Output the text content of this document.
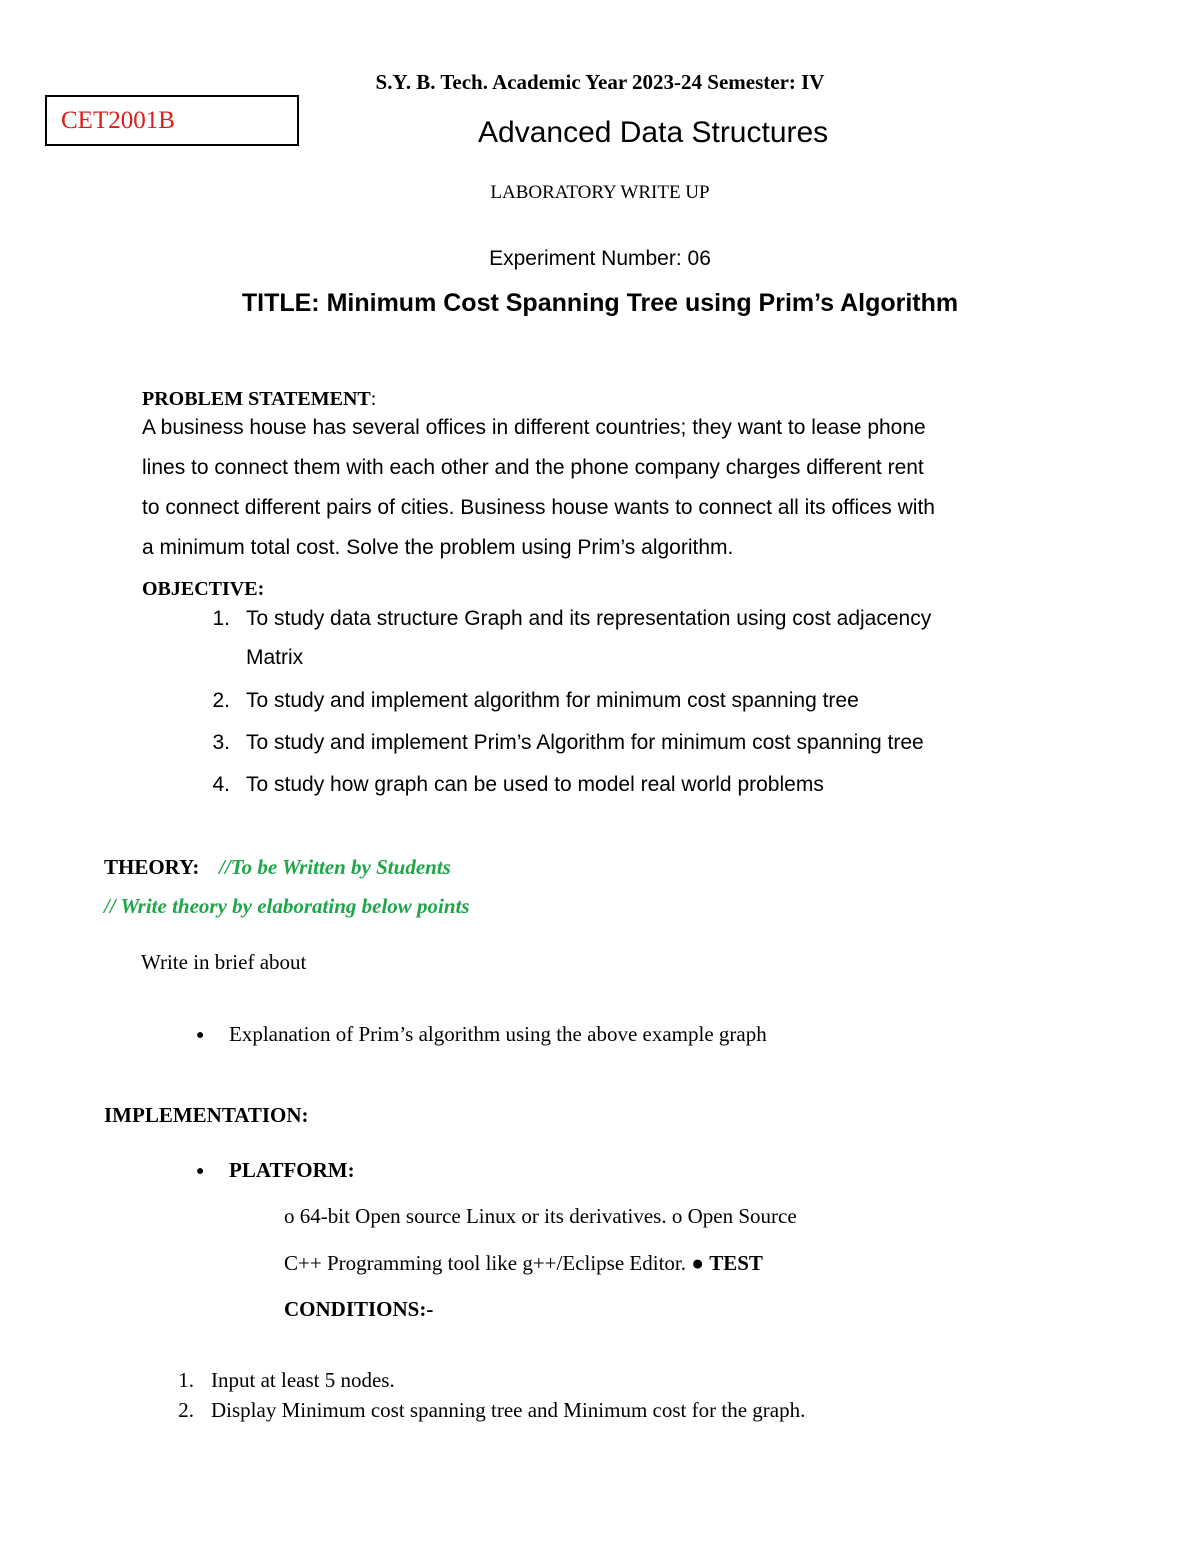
CET2001B
S.Y. B. Tech. Academic Year 2023-24 Semester: IV
Advanced Data Structures
LABORATORY WRITE UP
Experiment Number: 06
TITLE: Minimum Cost Spanning Tree using Prim’s Algorithm
PROBLEM STATEMENT:
A business house has several offices in different countries; they want to lease phone
lines to connect them with each other and the phone company charges different rent
to connect different pairs of cities. Business house wants to connect all its offices with
a minimum total cost. Solve the problem using Prim’s algorithm.
OBJECTIVE:
1. To study data structure Graph and its representation using cost adjacency
Matrix
2. To study and implement algorithm for minimum cost spanning tree
3. To study and implement Prim’s Algorithm for minimum cost spanning tree
4. To study how graph can be used to model real world problems
THEORY: //To be Written by Students
// Write theory by elaborating below points
Write in brief about
● Explanation of Prim’s algorithm using the above example graph
IMPLEMENTATION:
● PLATFORM:
o 64-bit Open source Linux or its derivatives. o Open Source
C++ Programming tool like g++/Eclipse Editor. ● TEST
CONDITIONS:-
1. Input at least 5 nodes.
2. Display Minimum cost spanning tree and Minimum cost for the graph.
